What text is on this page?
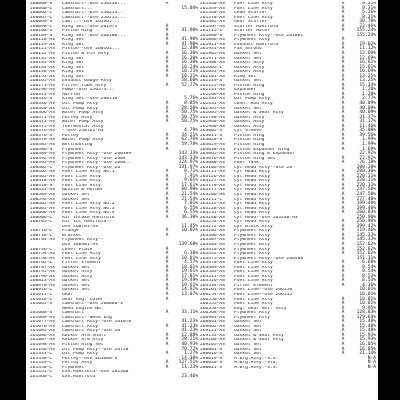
260060-S	Camshaft--Use 256230...	A
260060-L	Camshaft...	15.04%
260062-L	Camshaft--Use 256253..
260067-L	Camshaft--Use 256255...
260069-S	Cam...--Use 261965...
260098-L	Ring Set--Use 261971	A
260108-S	Piston Ring	A	41.90%
260109-S	Ring Set--Use 260108...	A
260118-AS	Ring Set	A	41.90%
260119-AS	Ring Set	A	41.90%
260121-AS	Piston--Use 260161...	12.48%
260132-AS	Piston & Pin Assy	A	16.30%
260135-AS	Ring Set	A	16.30%
260143-AS	Ring Set	A	16.30%
260144-AS	Ring Set	A	16.24%
260146-AS	Ring Set	A	10.21%
260153-AS	Ring Set	A	10.21%
260165-AS	Exhaust Gauge Assy	58.60%
260273-AS	Filler Tube Assy	A	52.77%
260296-AS	Pump--Use 256573...
260313-AS	Muffler
260326-S	Ring Set--Use 260118	5.76%
260346-AS	Oil Pump Assy	A	8.85%
260360-AS	Oil Pump Assy	A	28.50%
260366-AS	Water Pump Assy	A	50.75%
260371-AS	Pulley Assy	A	50.75%
260373-AS	Water Pump Assy	A	50.75%
260375-AS	Thermostat Assy
260376-AS	--Use 258721-AS	4.79%
260376-S	Pulley	A	34.21%
260378-AS	Water Pump Assy	A	62.76%
260383-AS	Bellhousing	A	59.78%
260386-S	Flywheel	A
260389-AS	Flywheel Assy--Use 260389	143.33%
260392-AS	Flywheel Assy--Use 2604	143.33%
260395-AS	Flywheel Assy--Use 2604..	124.97%
260402-C	Flywheel Assy--Use 26	131.97%
260402-AS	Fuel Line Assy No.1	A	8.71%
260405-AS	Fuel Line Assy	A	7.91%
260418-AS	Fuel Line Assy	A	9.61%
260418-S	Fuel Line Assy	A	17.61%
260433-AS	Nozzle & Holder	A	60.90%
260589-AS	Gasket Set	A	21.54%
260592-AS	Gasket Set	A	21.54%
260602-AS	Fuel Line Assy No.2	A	7.01%
260605-AS	Fuel Line Assy No.3	A	6.55%
260606-AS	Fuel Line Assy No.4	A	6.55%
260606-C	Air Intake Manifold	A	36.30%
260705-C	Air Int Manifold--
Use 260781-AS	11.45%
260710-L	Flange	A	10.02%
260718-L	Bracket	A
260744-AS	Flywheel Assy--
Use 266901-AS	139.68%
260746-C	Cover Plate	A
260754-AS	Fuel Line Assy	A	6.30%
260758-AS	Fuel Line Assy	A	10.01%
260762-L	Filter Element	A	4.57%
260787-AS	Gasket Set	A	18.01%
260795-AS	Gasket Assy	A	19.61%
260796-AS	Gasket Assy	A	17.81%
260823-AS	Gasket Set	A	19.49%
260870-AS	Gasket Set	A	19.61%
260916-L	Gasket Set	A	14.82%
261011-L	Gear	A	13.07%
261016-L	Gear Rng. Cover	A
261065-S	Camshaft--Use 260060-S
Need Engine No.
261068-S	Camshaft	A	33.11%
261069-AS	Camshaft--Need Eng
261077-AS	Camshaft Assy--Use 261078	41.23%
261078-AS	Camshaft Assy	A	41.23%
261085-AS	Camshaft Assy--Use 26	41.23%
261086-AS	Rocker Arm Shaft	A	12.88%
261087-AS	Rocker Arm Assy	A	28.21%
261098-AS	Piston Ring Set	A	40.93%
261148-AS	Oil Pump Assy--Use 26720	70.72%
261331-C	Oil Pump Assy	A	1.27%
261338-C	Pulley--Use 261660-S	14.10%
261339-C	Pulley Assy	A	127.51%
261350-C	Flywheel	A	11.23%
261351-C	Exh.Manifold--Use 261360
261360-C	Exh.Manifold	23.46%
261340-AS	Fuel Line Assy	A	9.31%
261349-AS	Fuel Line Assy	A	9.31%
261360-AS	Lead Starter	A	5.26%
261370-AS	Fuel Line Assy	A	8.31%
261402-AS	Gear Starter	A	30.70%
261467-AS	Starter Manifold	A	22.46%
261715-L	Starter Motor	A	155.24%
261880-S	Flywheel Assy--Use 261881	155.24%
261886-AS	Flywheel Assy	A
261921-AS	Exhaust Manifold	A	19.02%
261931-AS	Fan Shroud	A	11.12%
261965-AS	Gasket Set	A	12.69%
261971-AS	Gasket Set	A	12.69%
261988-AS	Gasket Assy	A	16.61%
262003-L	Gasket Assy	A	15.61%
262033-AS	Gasket Assy	A	16.69%
262101-AS	Ring Set	A	13.25%
262119-S	Gasket Set	A	13.25%
262125-AS	Piston Ring	A	15.14%
262131-AS	Expander	A	1.20%
262206-AS	Piston Ring	A	1.20%
262333-AS	Oil Pump Assy	A	2.77%
262431-AS	Conn. Rod Assy	A	40.09%
262565-AS	Gasket Set	A	40.09%
262605-AS	Gasket & Seal Assy	A	40.09%
262780-AS	Gasket Assy	A	31.17%
262840-AS	Gasket Assy	A	31.17%
262960-AS	Gasket Assy	A	11.46%
263002-S	Cyl Sleeve	A	35.08%
263011-S	Piston Ring	A	39.56%
263020-S	Piston Ring	A	1.99%
263029-AS	Piston Ring	A	1.99%
263038-AS	Piston Expander Ring	A	1.69%
263065-AS	Piston Ring & Expander	22.92%
263076-AS	Piston Ring Set	A	22.92%
263080-AS	Fuel Tank	A	26.18%
263106-AS	Cyl Head Assy--Use 26	200.30%
263111-AS	Cyl Head Assy	A	200.30%
263126-AS	Cyl Head Assy	A	220.11%
263127-AS	Cyl Head Assy	A	220.11%
263170-AS	Cyl Head Assy	A	220.11%
263177-AS	Cyl Head Assy	A	247.50%
263206-AS	Cyl Head Assy	A	247.50%
263211-C	Cyl Head Assy	A	277.40%
263222-AS	Cyl Head Assy	A	199.40%
263228-AS	Cyl Head Assy	A	199.40%
263231-AS	Cyl Head Assy	A	260.83%
263240-AS	Cyl Head--Use 263240-AS	250.90%
263252-AS	Cyl Head Assy	A	250.90%
263272-AS	Cyl Block Assy	A	399.42%
263282-AS	Flywheel Assy	A	119.46%
263306-AS	Flywheel Assy	A	145.33%
263307-AS	Flywheel Assy	A	145.33%
263383-AS	Flywheel Assy	A	152.62%
263410-AS	Flywheel Assy	A	152.62%
263442-AS	Flywheel Assy	A	152.62%
263475-AS	Flywheel Assy--Use 266488	151.11%
263478-AS	Fuel Line Assy	A	6.60%
263489-AS	Fuel Line Assy	A	8.54%
263503-AS	Fuel Line Assy	A	8.54%
263511-AS	Fuel Line Assy	A	8.53%
263526-AS	Fuel Line Assy	A	8.53%
263534-AS	Filter Element	A	4.36%
266201-AS	Fuel Line--Use 266550	10.01%
266254-AS	Fuel Line--Use 266555	10.01%
266550-AS	Fuel Line Assy	A	10.01%
266555-AS	Fuel Line Assy	A	10.01%
266558-AS	Rng. Gear Ret. Assy	A	9.95%
266568-AS	Flywheel Assy	A	128.83%
266901-AS	Flywheel Assy	A	129.64%
268841-AS	Gasket Set	A	15.48%
269062-AS	Gasket Set	A	15.48%
269121-AS	Gasket Set	A	15.48%
269133-AS	Gasket & Seal Assy	A	15.93%
269200-AS	Gasket & Seal Assy	A	15.93%
269205-AS	Gasket Set	A	16.05%
280001-S	Gasket Set	A	16.05%
280016-S	Gasket Set	A	21.14%
280019-S	M.Brg.Assy.-S.S.	N-A
280020-S	M.Brg.Assy.-Std.	N-A
280021-S	M.Brg.Assy.-S.S.	N-A
